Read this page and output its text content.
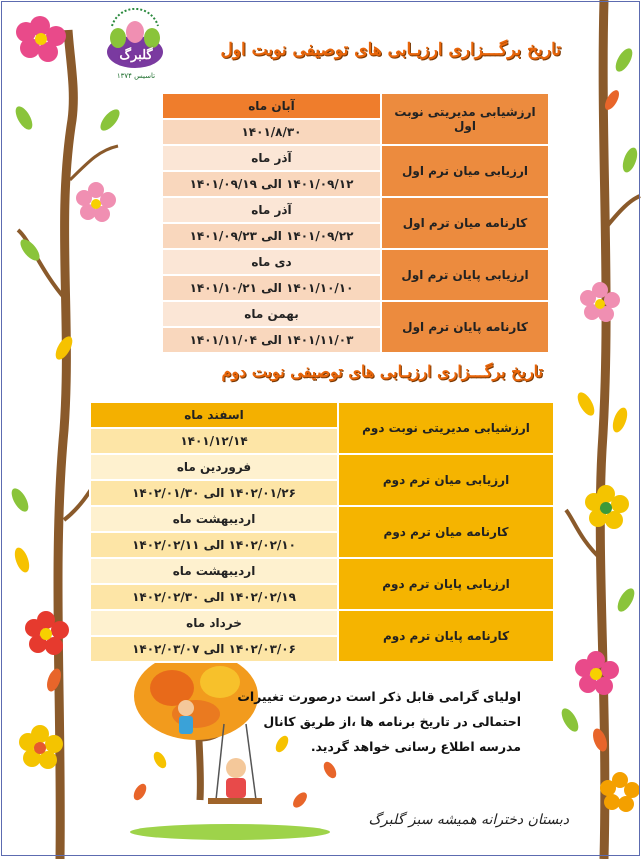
گلبرگ
تاسیس ۱۳۷۴
تاریخ برگـــزاری ارزیـابی های توصیفی نوبت اول
ارزشیابی مدیریتی نوبت اول	آبان ماه
	۱۴۰۱/۸/۳۰
ارزیابی میان ترم اول	آذر ماه
	۱۴۰۱/۰۹/۱۲ الی ۱۴۰۱/۰۹/۱۹
کارنامه میان ترم اول	آذر ماه
	۱۴۰۱/۰۹/۲۲ الی ۱۴۰۱/۰۹/۲۳
ارزیابی پایان ترم اول	دی ماه
	۱۴۰۱/۱۰/۱۰ الی ۱۴۰۱/۱۰/۲۱
کارنامه پایان ترم اول	بهمن ماه
	۱۴۰۱/۱۱/۰۳ الی ۱۴۰۱/۱۱/۰۴
تاریخ برگـــزاری ارزیـابی های توصیفی نوبت دوم
ارزشیابی مدیریتی نوبت دوم	اسفند ماه
	۱۴۰۱/۱۲/۱۴
ارزیابی میان ترم دوم	فروردین ماه
	۱۴۰۲/۰۱/۲۶ الی ۱۴۰۲/۰۱/۳۰
کارنامه میان ترم دوم	اردیبهشت ماه
	۱۴۰۲/۰۲/۱۰ الی ۱۴۰۲/۰۲/۱۱
ارزیابی پایان ترم دوم	اردیبهشت ماه
	۱۴۰۲/۰۲/۱۹ الی ۱۴۰۲/۰۲/۳۰
کارنامه پایان ترم دوم	خرداد ماه
	۱۴۰۲/۰۳/۰۶ الی ۱۴۰۲/۰۳/۰۷
اولیای گرامی قابل ذکر است درصورت تغییرات احتمالی در تاریخ برنامه ها ،از طریق کانال مدرسه اطلاع رسانی خواهد گردید.
دبستان دخترانه همیشه سبز گلبرگ
